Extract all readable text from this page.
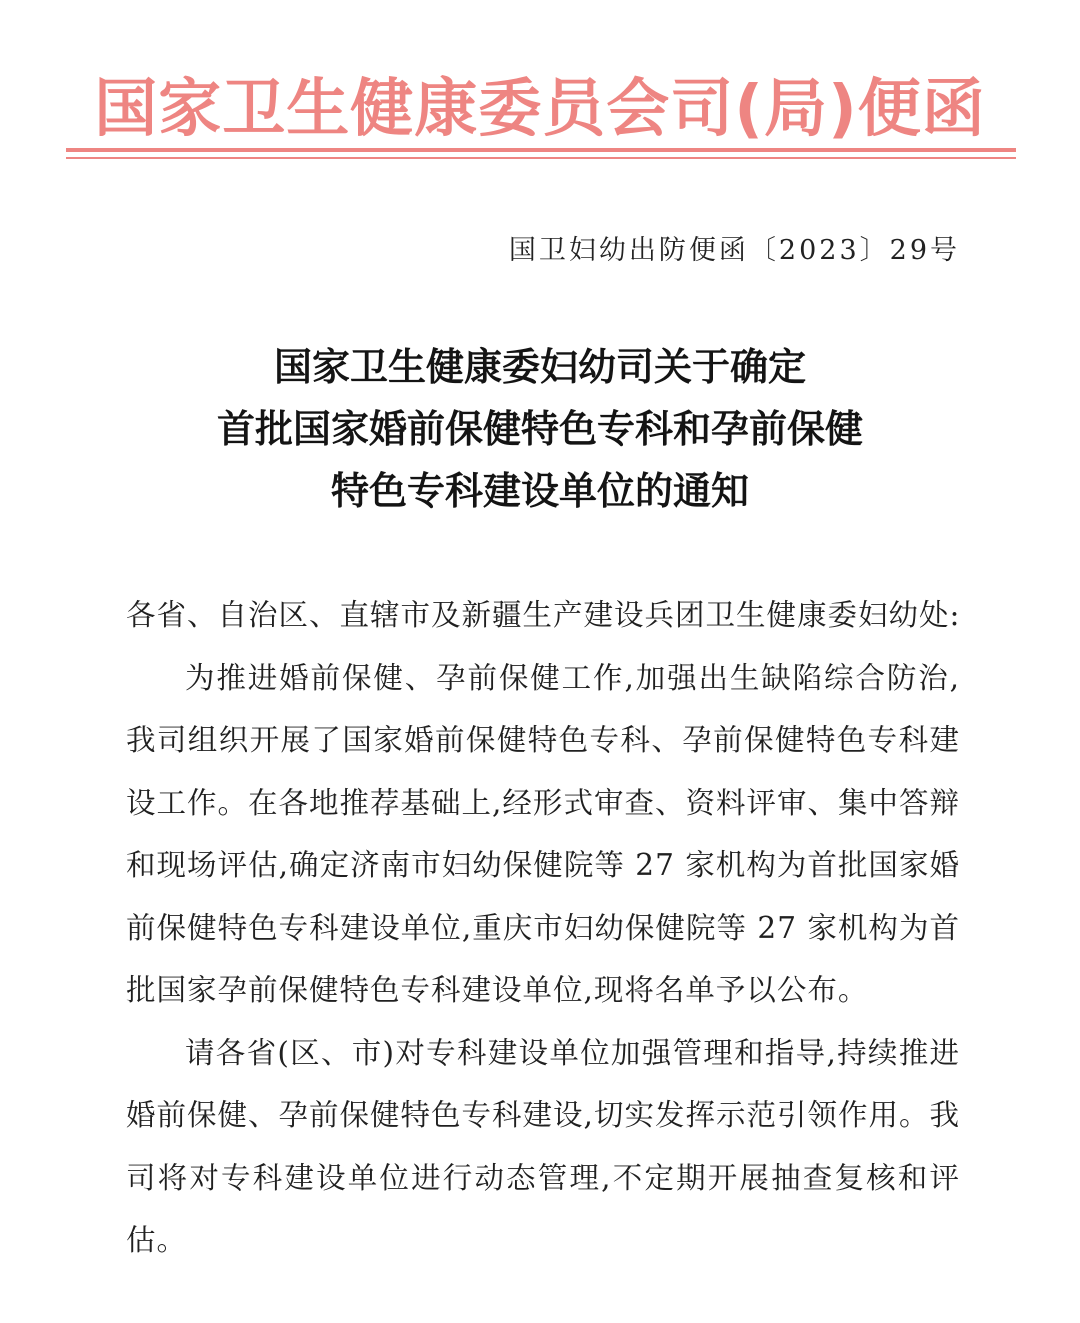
国家卫生健康委员会司(局)便函
国卫妇幼出防便函〔2023〕29号
国家卫生健康委妇幼司关于确定
首批国家婚前保健特色专科和孕前保健
特色专科建设单位的通知

各省、自治区、直辖市及新疆生产建设兵团卫生健康委妇幼处:

为推进婚前保健、孕前保健工作,加强出生缺陷综合防治,我司组织开展了国家婚前保健特色专科、孕前保健特色专科建设工作。在各地推荐基础上,经形式审查、资料评审、集中答辩和现场评估,确定济南市妇幼保健院等 27 家机构为首批国家婚前保健特色专科建设单位,重庆市妇幼保健院等 27 家机构为首批国家孕前保健特色专科建设单位,现将名单予以公布。

请各省(区、市)对专科建设单位加强管理和指导,持续推进婚前保健、孕前保健特色专科建设,切实发挥示范引领作用。我司将对专科建设单位进行动态管理,不定期开展抽查复核和评估。
